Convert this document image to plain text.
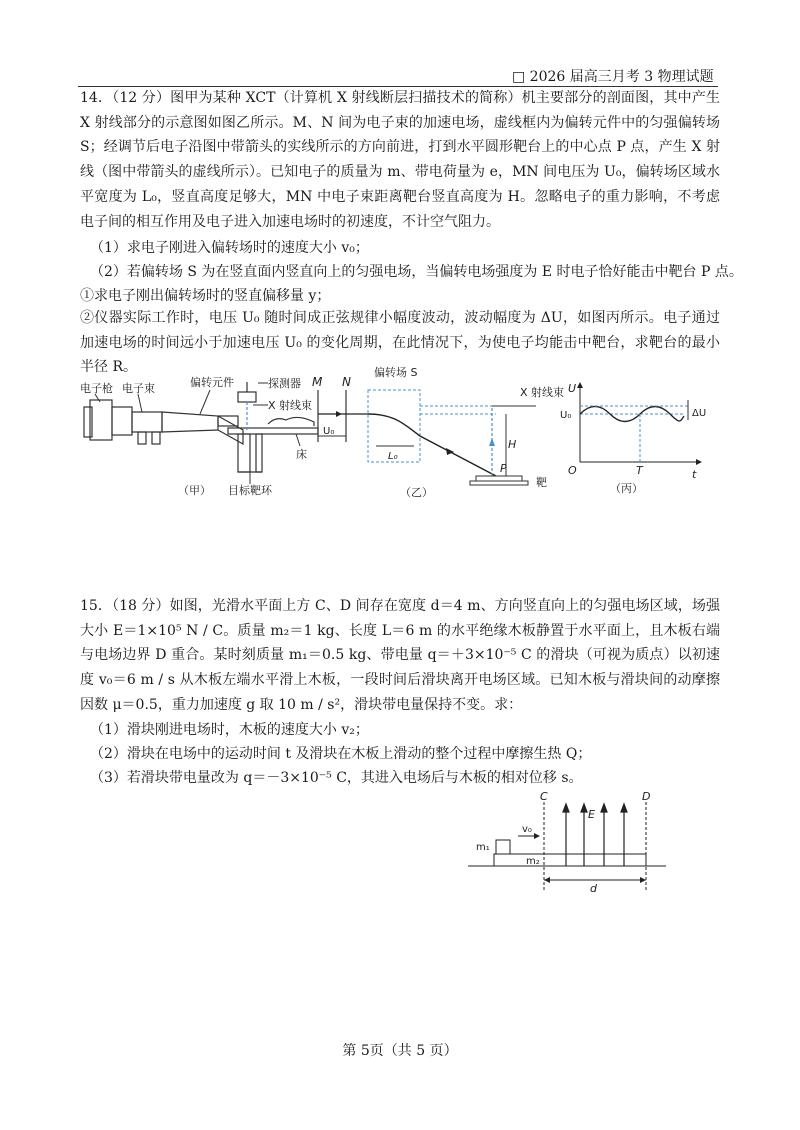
□ 2026 届高三月考 3 物理试题
14．（12 分）图甲为某种 XCT（计算机 X 射线断层扫描技术的简称）机主要部分的剖面图，其中产生 X 射线部分的示意图如图乙所示。M、N 间为电子束的加速电场，虚线框内为偏转元件中的匀强偏转场 S；经调节后电子沿图中带箭头的实线所示的方向前进，打到水平圆形靶台上的中心点 P 点，产生 X 射线（图中带箭头的虚线所示）。已知电子的质量为 m、带电荷量为 e，MN 间电压为 U₀，偏转场区域水平宽度为 L₀，竖直高度足够大，MN 中电子束距离靶台竖直高度为 H。忽略电子的重力影响，不考虑电子间的相互作用及电子进入加速电场时的初速度，不计空气阻力。
（1）求电子刚进入偏转场时的速度大小 v₀；
（2）若偏转场 S 为在竖直面内竖直向上的匀强电场，当偏转电场强度为 E 时电子恰好能击中靶台 P 点。
①求电子刚出偏转场时的竖直偏移量 y；
②仪器实际工作时，电压 U₀ 随时间成正弦规律小幅度波动，波动幅度为 ΔU，如图丙所示。电子通过加速电场的时间远小于加速电压 U₀ 的变化周期，在此情况下，为使电子均能击中靶台，求靶台的最小半径 R。
电子枪 电子束	偏转元件	探测器
X 射线束
床
（甲） 目标靶环
M N
U₀
偏转场 S
X 射线束
H
L₀
P
靶
（乙）
U
t
O
U₀
T
ΔU
（丙）
15．（18 分）如图，光滑水平面上方 C、D 间存在宽度 d＝4 m、方向竖直向上的匀强电场区域，场强大小 E＝1×10⁵ N / C。质量 m₂＝1 kg、长度 L＝6 m 的水平绝缘木板静置于水平面上，且木板右端与电场边界 D 重合。某时刻质量 m₁＝0.5 kg、带电量 q＝＋3×10⁻⁵ C 的滑块（可视为质点）以初速度 v₀＝6 m / s 从木板左端水平滑上木板，一段时间后滑块离开电场区域。已知木板与滑块间的动摩擦因数 μ＝0.5，重力加速度 g 取 10 m / s²，滑块带电量保持不变。求：
（1）滑块刚进电场时，木板的速度大小 v₂；
（2）滑块在电场中的运动时间 t 及滑块在木板上滑动的整个过程中摩擦生热 Q；
（3）若滑块带电量改为 q＝－3×10⁻⁵ C，其进入电场后与木板的相对位移 s。
v₀
m₁
m₂
C	D
E
d
第 5页（共 5 页）
